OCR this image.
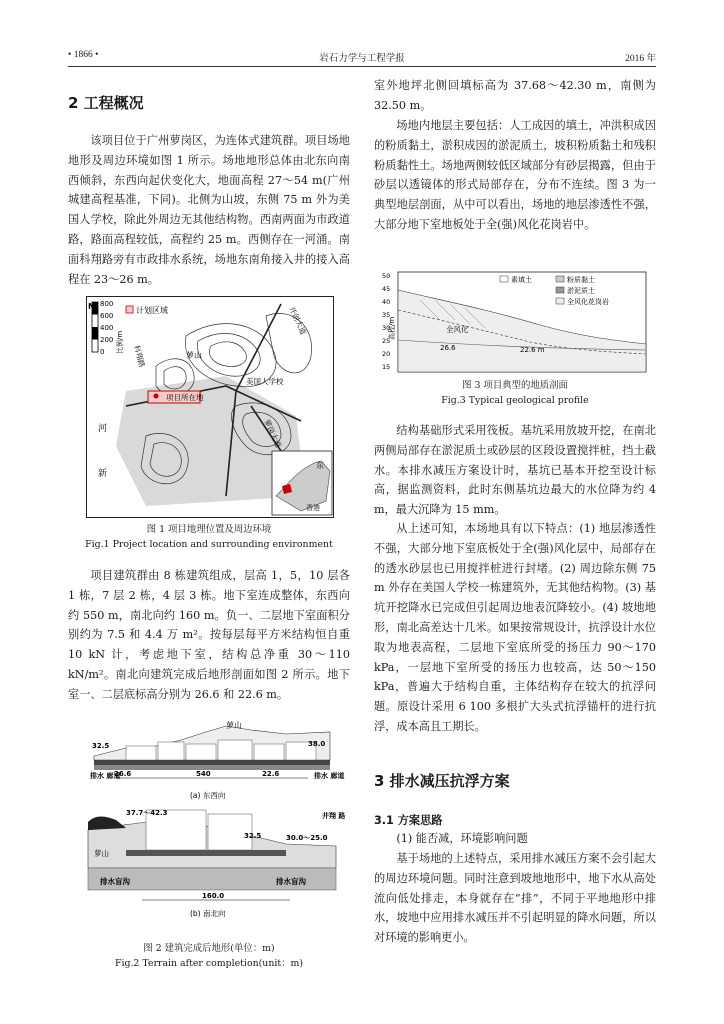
• 1866 •	岩石力学与工程学报	2016 年
2 工程概况

该项目位于广州萝岗区，为连体式建筑群。项目场地地形及周边环境如图 1 所示。场地地形总体由北东向南西倾斜，东西向起伏变化大，地面高程 27～54 m(广州城建高程基准，下同)。北侧为山坡，东侧 75 m 外为美国人学校，除此外周边无其他结构物。西南两面为市政道路，路面高程较低，高程约 25 m。西侧存在一河涌。南面科翔路旁有市政排水系统，场地东南角接入井的接入高程在 23～26 m。

800
600
400
200
0 比例/m
N	计划区域	开创大道
萝山
科翔路
项目所在地
美国人学校
萝岗大道
河
新
东
香港
图 1 项目地理位置及周边环境
Fig.1 Project location and surrounding environment

项目建筑群由 8 栋建筑组成，层高 1，5，10 层各 1 栋，7 层 2 栋，4 层 3 栋。地下室连成整体，东西向约 550 m，南北向约 160 m。负一、二层地下室面积分别约为 7.5 和 4.4 万 m²。按每层每平方米结构恒自重 10 kN 计，考虑地下室，结构总净重 30～110 kN/m²。南北向建筑完成后地形剖面如图 2 所示。地下室一、二层底标高分别为 26.6 和 22.6 m。

萝山
32.5	38.0
26.6	22.6
540
排水 廊道	排水 廊道
(a) 东西向
37.7～42.3
32.5	30.0～25.0
萝山
排水盲沟	排水盲沟
井翔 路
160.0
(b) 南北向
图 2 建筑完成后地形(单位：m)
Fig.2 Terrain after completion(unit：m)

室外地坪北侧回填标高为 37.68～42.30 m，南侧为 32.50 m。

场地内地层主要包括：人工成因的填土，冲洪积成因的粉质黏土，淤积成因的淤泥质土，坡积粉质黏土和残积粉质黏性土。场地两侧较低区域部分有砂层揭露，但由于砂层以透镜体的形式局部存在，分布不连续。图 3 为一典型地层剖面，从中可以看出，场地的地层渗透性不强，大部分地下室地板处于全(强)风化花岗岩中。

50
45
40
35
30
25
20
15
高程/m
素填土	粉质黏土
淤泥质土
全风化花岗岩
全风化
26.6	22.6 m
图 3 项目典型的地质剖面
Fig.3 Typical geological profile

结构基础形式采用筏板。基坑采用放坡开挖，在南北两侧局部存在淤泥质土或砂层的区段设置搅拌桩，挡土截水。本排水减压方案设计时，基坑已基本开挖至设计标高，据监测资料，此时东侧基坑边最大的水位降为约 4 m，最大沉降为 15 mm。

从上述可知，本场地具有以下特点：(1) 地层渗透性不强，大部分地下室底板处于全(强)风化层中，局部存在的透水砂层也已用搅拌桩进行封堵。(2) 周边除东侧 75 m 外存在美国人学校一栋建筑外，无其他结构物。(3) 基坑开挖降水已完成但引起周边地表沉降较小。(4) 坡地地形，南北高差达十几米。如果按常规设计，抗浮设计水位取为地表高程，二层地下室底所受的扬压力 90～170 kPa，一层地下室所受的扬压力也较高，达 50～150 kPa，普遍大于结构自重，主体结构存在较大的抗浮问题。原设计采用 6 100 多根扩大头式抗浮锚杆的进行抗浮，成本高且工期长。

3 排水减压抗浮方案
3.1 方案思路

(1) 能否减，环境影响问题

基于场地的上述特点，采用排水减压方案不会引起大的周边环境问题。同时注意到坡地地形中，地下水从高处流向低处排走，本身就存在“排”，不同于平地地形中排水，坡地中应用排水减压并不引起明显的降水问题，所以对环境的影响更小。
